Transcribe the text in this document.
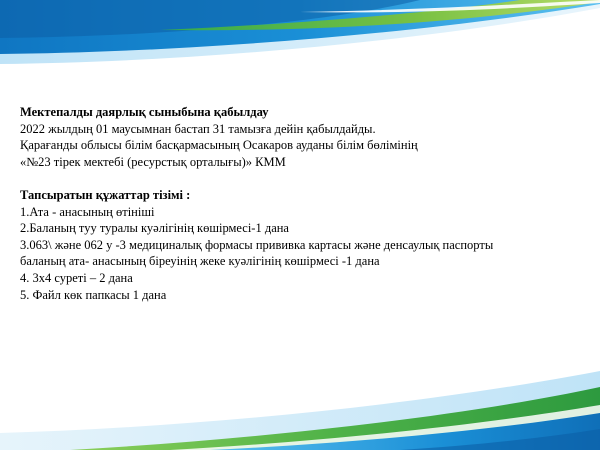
Мектепалды даярлық сыныбына қабылдау
2022 жылдың 01 маусымнан бастап 31 тамызға дейін қабылдайды.
Қарағанды облысы білім басқармасының Осакаров ауданы білім бөлімінің
«№23 тірек мектебі (ресурстық орталығы)» КММ
Тапсыратын құжаттар тізімі :
1.Ата - анасының өтініші
2.Баланың туу туралы куәлігінің көшірмесі-1 дана
3.063\ және 062 у -3 медициналық формасы прививка картасы және денсаулық паспорты
баланың ата- анасының біреуінің жеке куәлігінің көшірмесі -1 дана
4. 3х4 суреті – 2 дана
5. Файл көк папкасы 1 дана
